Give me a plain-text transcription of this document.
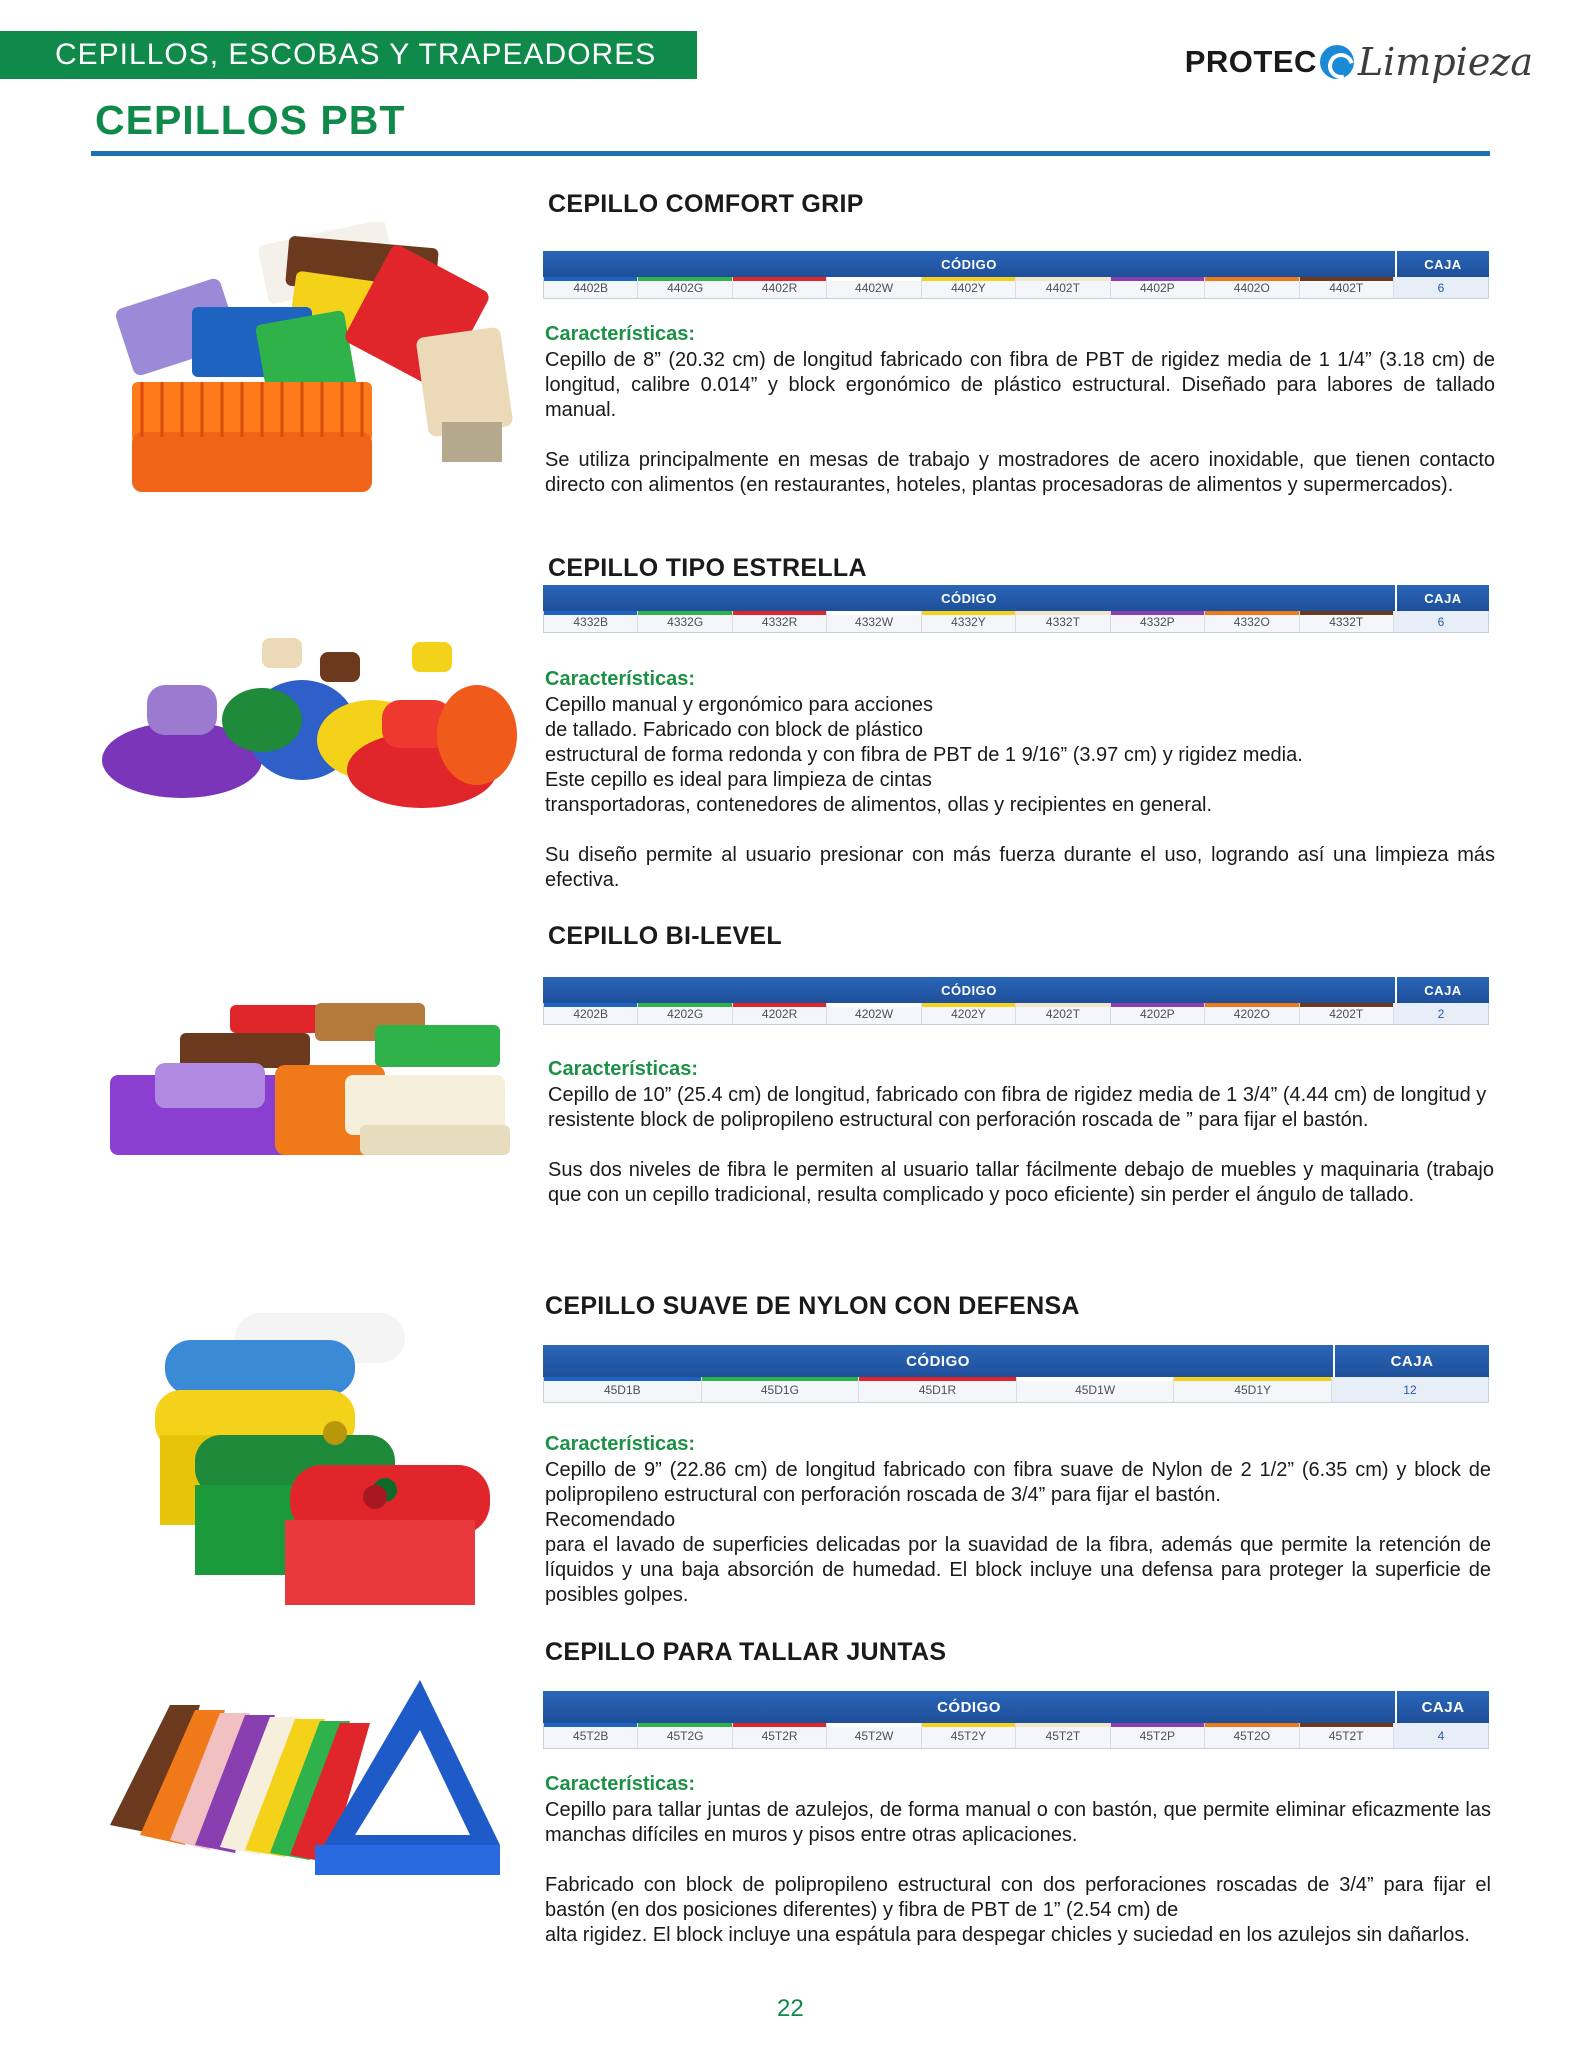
CEPILLOS, ESCOBAS Y TRAPEADORES	PROTEC Limpieza
CEPILLOS PBT
CEPILLO COMFORT GRIP
CÓDIGO	CAJA
4402B	4402G	4402R	4402W	4402Y	4402T	4402P	4402O	4402T	6
Características:

Cepillo de 8” (20.32 cm) de longitud fabricado con fibra de PBT de rigidez media de 1 1/4” (3.18 cm) de longitud, calibre 0.014” y block ergonómico de plástico estructural. Diseñado para labores de tallado manual.

Se utiliza principalmente en mesas de trabajo y mostradores de acero inoxidable, que tienen contacto directo con alimentos (en restaurantes, hoteles, plantas procesadoras de alimentos y supermercados).

CEPILLO TIPO ESTRELLA
CÓDIGO	CAJA
4332B	4332G	4332R	4332W	4332Y	4332T	4332P	4332O	4332T	6
Características:

Cepillo manual y ergonómico para acciones

de tallado. Fabricado con block de plástico

estructural de forma redonda y con fibra de PBT de 1 9/16” (3.97 cm) y rigidez media.

Este cepillo es ideal para limpieza de cintas

transportadoras, contenedores de alimentos, ollas y recipientes en general.

Su diseño permite al usuario presionar con más fuerza durante el uso, logrando así una limpieza más efectiva.

CEPILLO BI-LEVEL
CÓDIGO	CAJA
4202B	4202G	4202R	4202W	4202Y	4202T	4202P	4202O	4202T	2
Características:

Cepillo de 10” (25.4 cm) de longitud, fabricado con fibra de rigidez media de 1 3/4” (4.44 cm) de longitud y resistente block de polipropileno estructural con perforación roscada de ” para fijar el bastón.

Sus dos niveles de fibra le permiten al usuario tallar fácilmente debajo de muebles y maquinaria (trabajo que con un cepillo tradicional, resulta complicado y poco eficiente) sin perder el ángulo de tallado.

CEPILLO SUAVE DE NYLON CON DEFENSA
CÓDIGO	CAJA
45D1B	45D1G	45D1R	45D1W	45D1Y	12
Características:

Cepillo de 9” (22.86 cm) de longitud fabricado con fibra suave de Nylon de 2 1/2” (6.35 cm) y block de polipropileno estructural con perforación roscada de 3/4” para fijar el bastón.

Recomendado

para el lavado de superficies delicadas por la suavidad de la fibra, además que permite la retención de líquidos y una baja absorción de humedad. El block incluye una defensa para proteger la superficie de posibles golpes.

CEPILLO PARA TALLAR JUNTAS
CÓDIGO	CAJA
45T2B	45T2G	45T2R	45T2W	45T2Y	45T2T	45T2P	45T2O	45T2T	4
Características:

Cepillo para tallar juntas de azulejos, de forma manual o con bastón, que permite eliminar eficazmente las manchas difíciles en muros y pisos entre otras aplicaciones.

Fabricado con block de polipropileno estructural con dos perforaciones roscadas de 3/4” para fijar el bastón (en dos posiciones diferentes) y fibra de PBT de 1” (2.54 cm) de

alta rigidez. El block incluye una espátula para despegar chicles y suciedad en los azulejos sin dañarlos.

22
